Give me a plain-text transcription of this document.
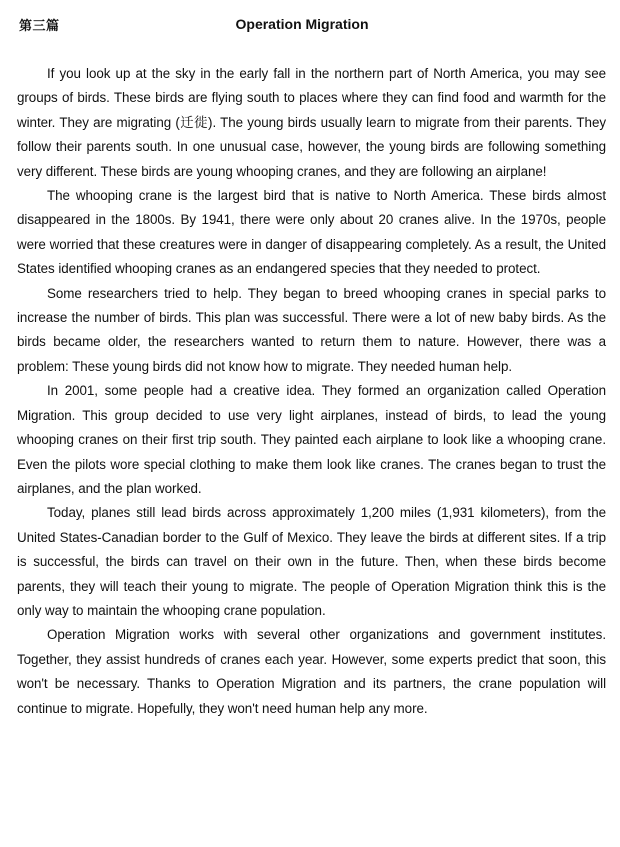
第三篇	Operation Migration

If you look up at the sky in the early fall in the northern part of North America, you may see groups of birds. These birds are flying south to places where they can find food and warmth for the winter. They are migrating (迁徙). The young birds usually learn to migrate from their parents. They follow their parents south. In one unusual case, however, the young birds are following something very different. These birds are young whooping cranes, and they are following an airplane!

The whooping crane is the largest bird that is native to North America. These birds almost disappeared in the 1800s. By 1941, there were only about 20 cranes alive. In the 1970s, people were worried that these creatures were in danger of disappearing completely. As a result, the United States identified whooping cranes as an endangered species that they needed to protect.

Some researchers tried to help. They began to breed whooping cranes in special parks to increase the number of birds. This plan was successful. There were a lot of new baby birds. As the birds became older, the researchers wanted to return them to nature. However, there was a problem: These young birds did not know how to migrate. They needed human help.

In 2001, some people had a creative idea. They formed an organization called Operation Migration. This group decided to use very light airplanes, instead of birds, to lead the young whooping cranes on their first trip south. They painted each airplane to look like a whooping crane. Even the pilots wore special clothing to make them look like cranes. The cranes began to trust the airplanes, and the plan worked.

Today, planes still lead birds across approximately 1,200 miles (1,931 kilometers), from the United States-Canadian border to the Gulf of Mexico. They leave the birds at different sites. If a trip is successful, the birds can travel on their own in the future. Then, when these birds become parents, they will teach their young to migrate. The people of Operation Migration think this is the only way to maintain the whooping crane population.

Operation Migration works with several other organizations and government institutes. Together, they assist hundreds of cranes each year. However, some experts predict that soon, this won't be necessary. Thanks to Operation Migration and its partners, the crane population will continue to migrate. Hopefully, they won't need human help any more.
